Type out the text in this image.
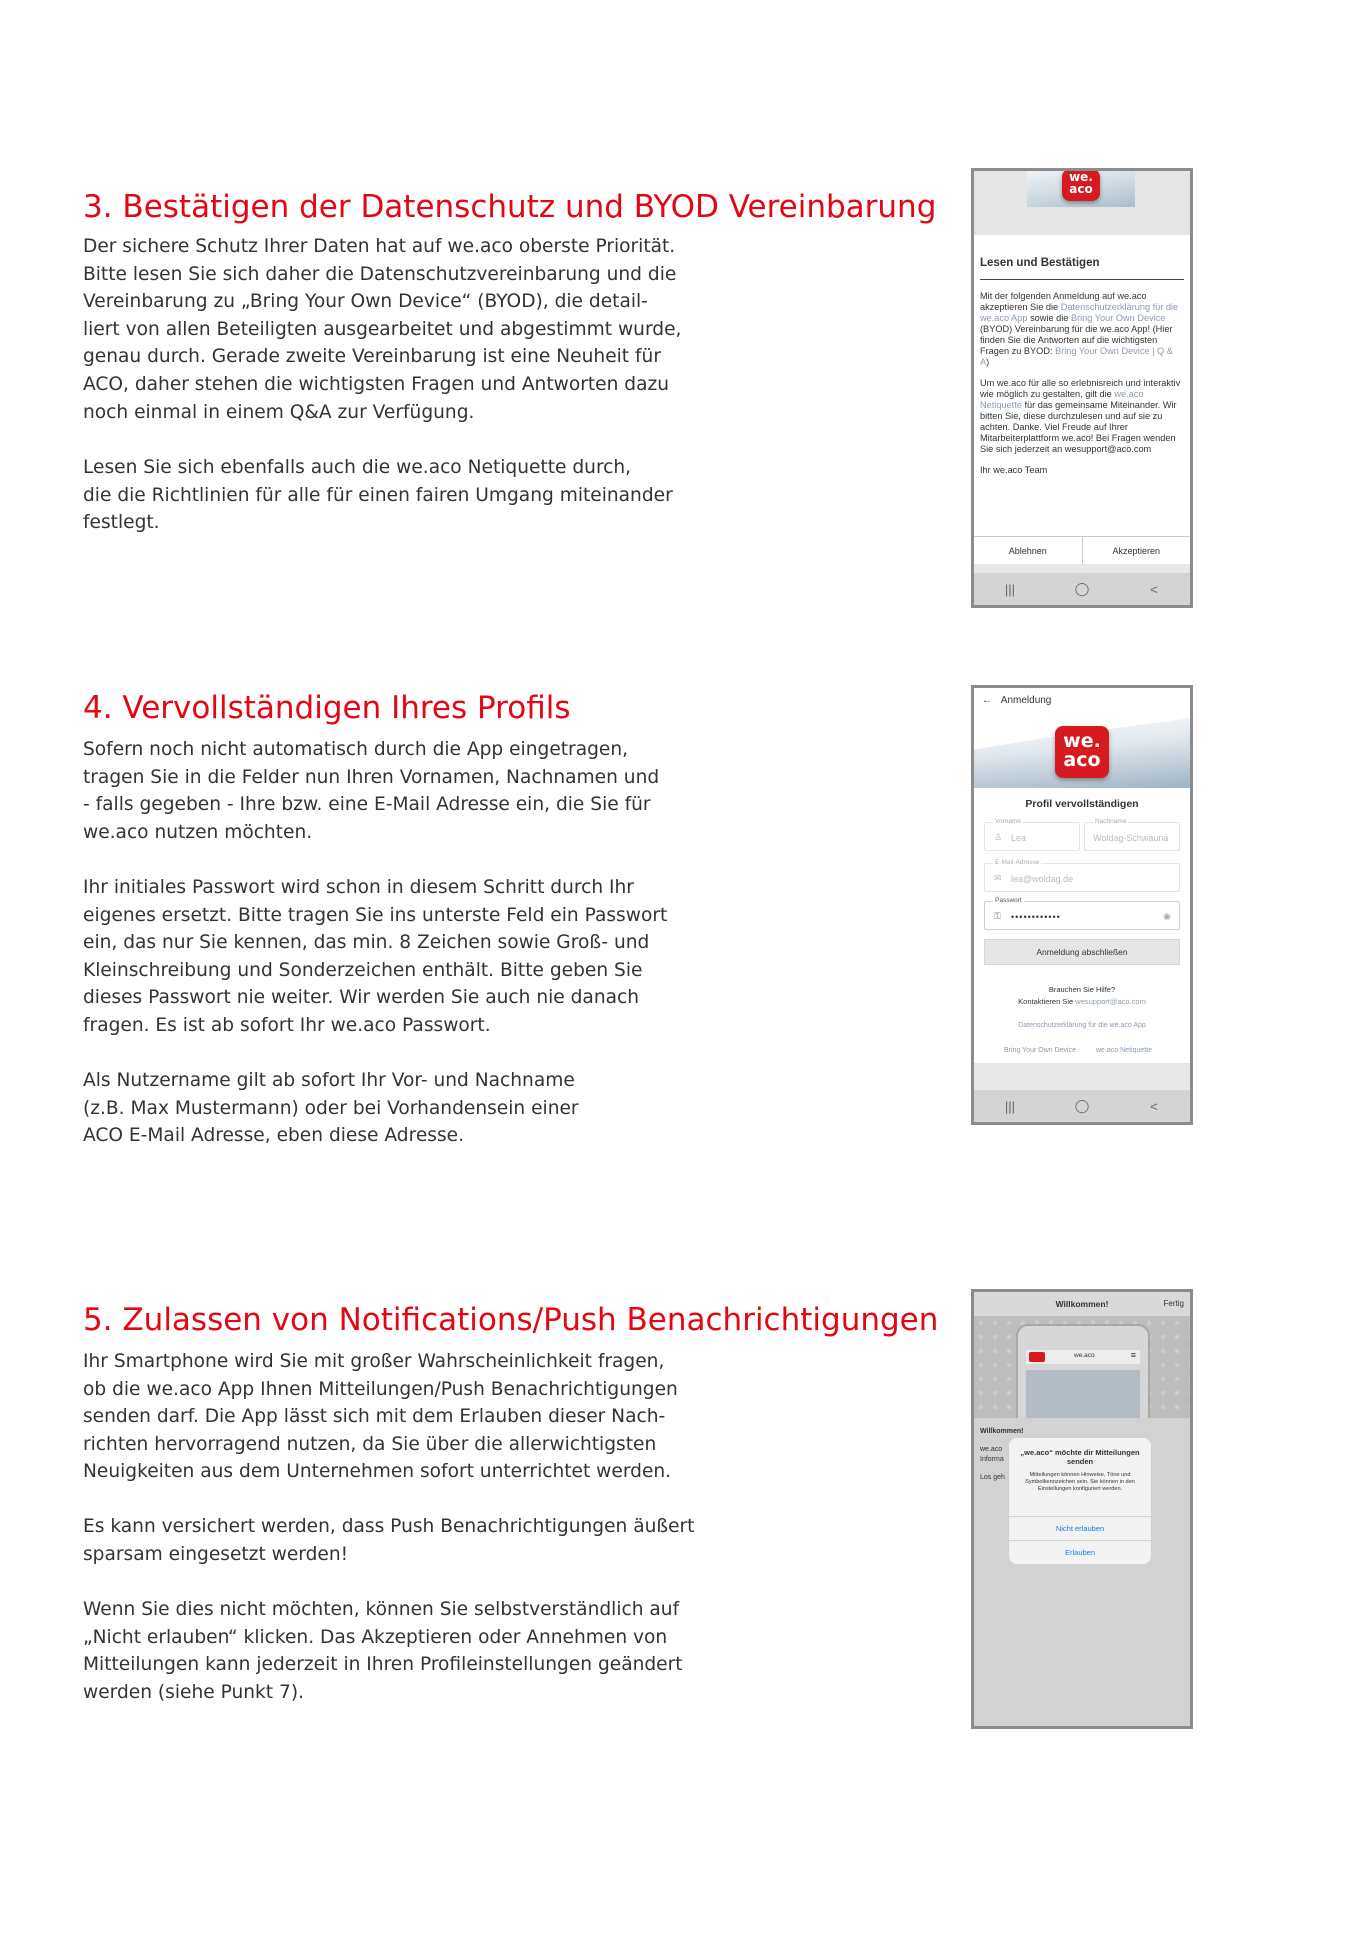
3. Bestätigen der Datenschutz und BYOD Vereinbarung

Der sichere Schutz Ihrer Daten hat auf we.aco oberste Priorität.
Bitte lesen Sie sich daher die Datenschutzvereinbarung und die
Vereinbarung zu „Bring Your Own Device“ (BYOD), die detail-
liert von allen Beteiligten ausgearbeitet und abgestimmt wurde,
genau durch. Gerade zweite Vereinbarung ist eine Neuheit für
ACO, daher stehen die wichtigsten Fragen und Antworten dazu
noch einmal in einem Q&A zur Verfügung.

Lesen Sie sich ebenfalls auch die we.aco Netiquette durch,
die die Richtlinien für alle für einen fairen Umgang miteinander
festlegt.

we.
aco
Lesen und Bestätigen

Mit der folgenden Anmeldung auf we.aco akzeptieren Sie die Datenschutzerklärung für die we.aco App sowie die Bring Your Own Device (BYOD) Vereinbarung für die we.aco App! (Hier finden Sie die Antworten auf die wichtigsten Fragen zu BYOD: Bring Your Own Device | Q & A)

Um we.aco für alle so erlebnisreich und interaktiv wie möglich zu gestalten, gilt die we.aco Netiquette für das gemeinsame Miteinander. Wir bitten Sie, diese durchzulesen und auf sie zu achten. Danke. Viel Freude auf Ihrer Mitarbeiterplattform we.aco! Bei Fragen wenden Sie sich jederzeit an wesupport@aco.com

Ihr we.aco Team

Ablehnen	Akzeptieren
|||	◯	<
4. Vervollständigen Ihres Profils

Sofern noch nicht automatisch durch die App eingetragen,
tragen Sie in die Felder nun Ihren Vornamen, Nachnamen und
- falls gegeben - Ihre bzw. eine E-Mail Adresse ein, die Sie für
we.aco nutzen möchten.

Ihr initiales Passwort wird schon in diesem Schritt durch Ihr
eigenes ersetzt. Bitte tragen Sie ins unterste Feld ein Passwort
ein, das nur Sie kennen, das min. 8 Zeichen sowie Groß- und
Kleinschreibung und Sonderzeichen enthält. Bitte geben Sie
dieses Passwort nie weiter. Wir werden Sie auch nie danach
fragen. Es ist ab sofort Ihr we.aco Passwort.

Als Nutzername gilt ab sofort Ihr Vor- und Nachname
(z.B. Max Mustermann) oder bei Vorhandensein einer
ACO E-Mail Adresse, eben diese Adresse.

← Anmeldung
we.
aco
Profil vervollständigen
Vorname
♙ Lea
Nachname
Woldag-Schwauna
E-Mail-Adresse
✉ lea@woldag.de
Passwort
⚿ ••••••••••••	◉
Anmeldung abschließen
Brauchen Sie Hilfe?
Kontaktieren Sie wesupport@aco.com
Datenschutzerklärung für die we.aco App
Bring Your Own Device	we.aco Netiquette
|||	◯	<
5. Zulassen von Notifications/Push Benachrichtigungen

Ihr Smartphone wird Sie mit großer Wahrscheinlichkeit fragen,
ob die we.aco App Ihnen Mitteilungen/Push Benachrichtigungen
senden darf. Die App lässt sich mit dem Erlauben dieser Nach-
richten hervorragend nutzen, da Sie über die allerwichtigsten
Neuigkeiten aus dem Unternehmen sofort unterrichtet werden.

Es kann versichert werden, dass Push Benachrichtigungen äußert
sparsam eingesetzt werden!

Wenn Sie dies nicht möchten, können Sie selbstverständlich auf
„Nicht erlauben“ klicken. Das Akzeptieren oder Annehmen von
Mitteilungen kann jederzeit in Ihren Profileinstellungen geändert
werden (siehe Punkt 7).

Willkommen!	Fertig
we.aco	≡
Willkommen!
we.aco
Informa
Los geh
„we.aco“ möchte dir Mitteilungen senden
Mitteilungen können Hinweise, Töne und Symbolkennzeichen sein. Sie können in den Einstellungen konfiguriert werden.
Nicht erlauben
Erlauben
